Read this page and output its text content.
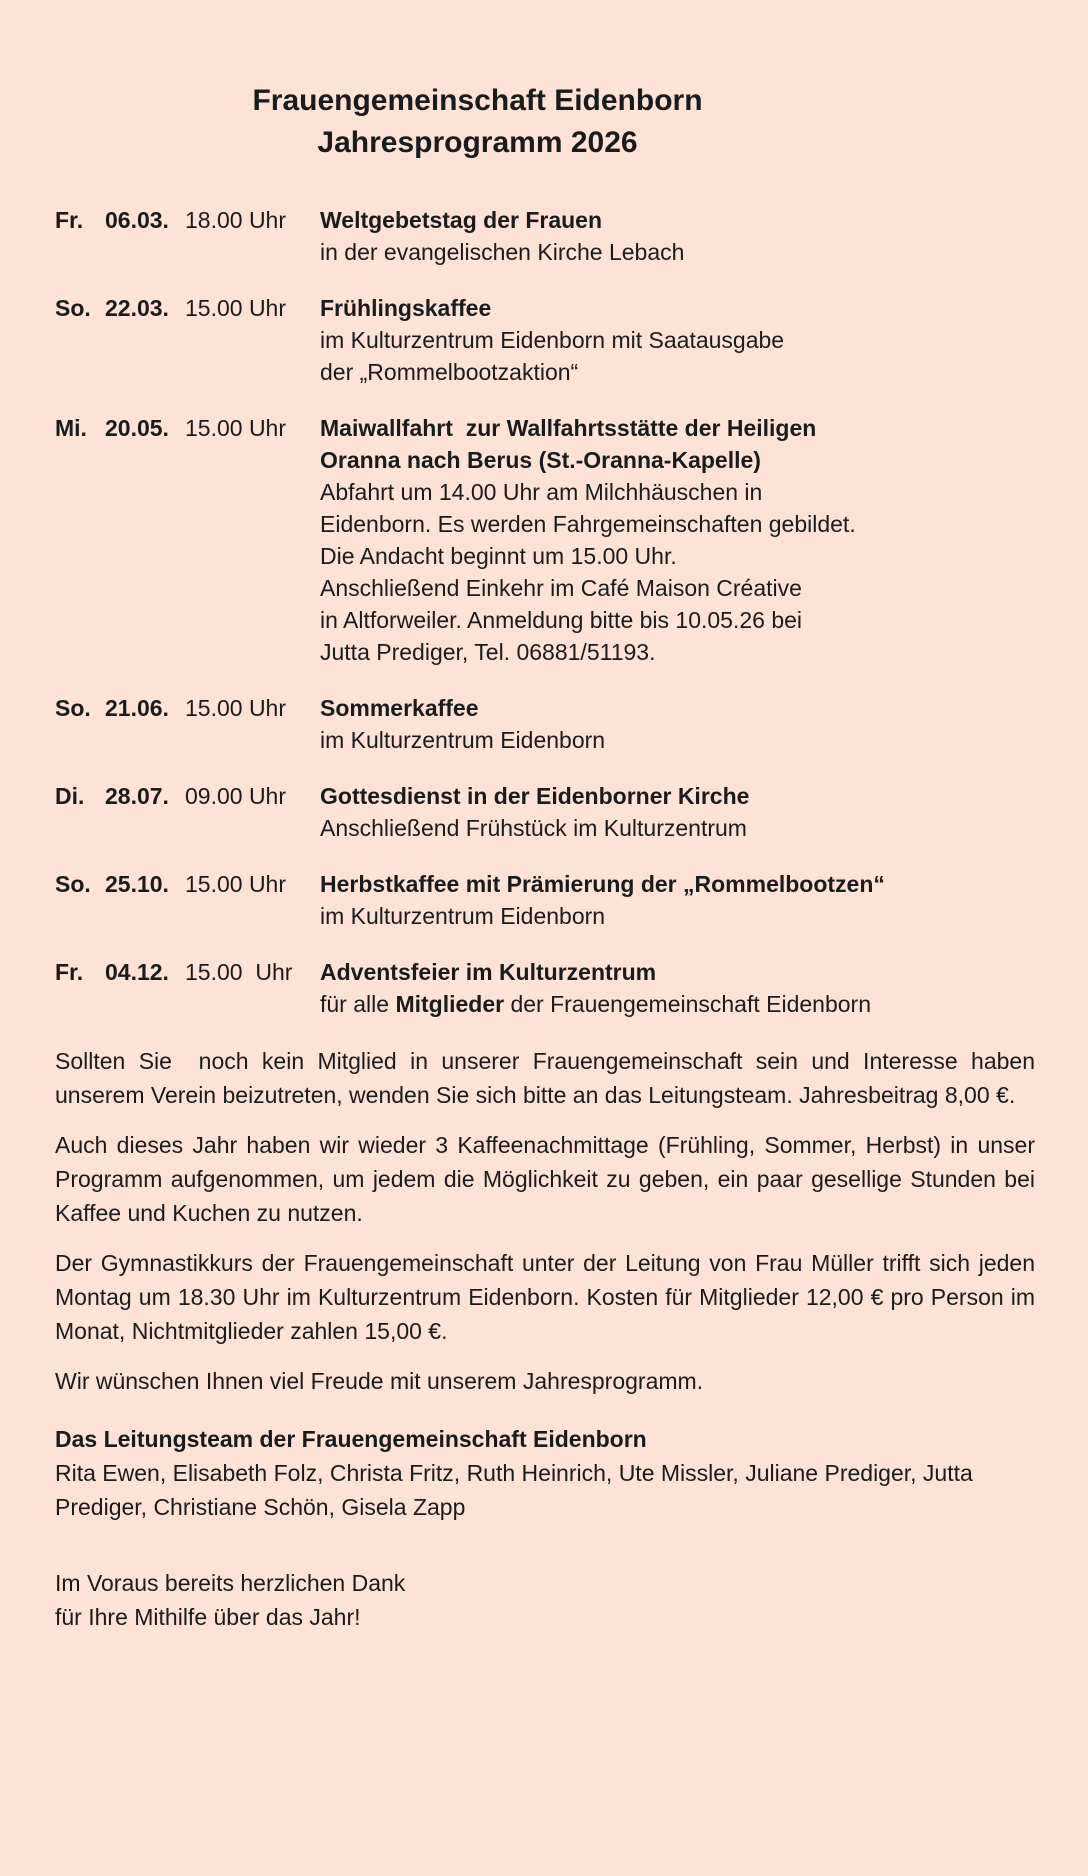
Frauengemeinschaft Eidenborn
Jahresprogramm 2026
Fr. 06.03. 18.00 Uhr	Weltgebetstag der Frauen
in der evangelischen Kirche Lebach
So. 22.03. 15.00 Uhr	Frühlingskaffee
im Kulturzentrum Eidenborn mit Saatausgabe
der „Rommelbootzaktion“
Mi. 20.05. 15.00 Uhr	Maiwallfahrt  zur Wallfahrtsstätte der Heiligen
Oranna nach Berus (St.-Oranna-Kapelle)
Abfahrt um 14.00 Uhr am Milchhäuschen in
Eidenborn. Es werden Fahrgemeinschaften gebildet.
Die Andacht beginnt um 15.00 Uhr.
Anschließend Einkehr im Café Maison Créative
in Altforweiler. Anmeldung bitte bis 10.05.26 bei
Jutta Prediger, Tel. 06881/51193.
So. 21.06. 15.00 Uhr	Sommerkaffee
im Kulturzentrum Eidenborn
Di. 28.07. 09.00 Uhr	Gottesdienst in der Eidenborner Kirche
Anschließend Frühstück im Kulturzentrum
So. 25.10. 15.00 Uhr	Herbstkaffee mit Prämierung der „Rommelbootzen“
im Kulturzentrum Eidenborn
Fr. 04.12. 15.00  Uhr	Adventsfeier im Kulturzentrum
für alle Mitglieder der Frauengemeinschaft Eidenborn
Sollten Sie  noch kein Mitglied in unserer Frauengemeinschaft sein und Interesse haben unserem Verein beizutreten, wenden Sie sich bitte an das Leitungsteam. Jahresbeitrag 8,00 €.
Auch dieses Jahr haben wir wieder 3 Kaffeenachmittage (Frühling, Sommer, Herbst) in unser Programm aufgenommen, um jedem die Möglichkeit zu geben, ein paar gesellige Stunden bei Kaffee und Kuchen zu nutzen.
Der Gymnastikkurs der Frauengemeinschaft unter der Leitung von Frau Müller trifft sich jeden Montag um 18.30 Uhr im Kulturzentrum Eidenborn. Kosten für Mitglieder 12,00 € pro Person im Monat, Nichtmitglieder zahlen 15,00 €.
Wir wünschen Ihnen viel Freude mit unserem Jahresprogramm.
Das Leitungsteam der Frauengemeinschaft Eidenborn
Rita Ewen, Elisabeth Folz, Christa Fritz, Ruth Heinrich, Ute Missler, Juliane Prediger, Jutta Prediger, Christiane Schön, Gisela Zapp
Im Voraus bereits herzlichen Dank
für Ihre Mithilfe über das Jahr!
